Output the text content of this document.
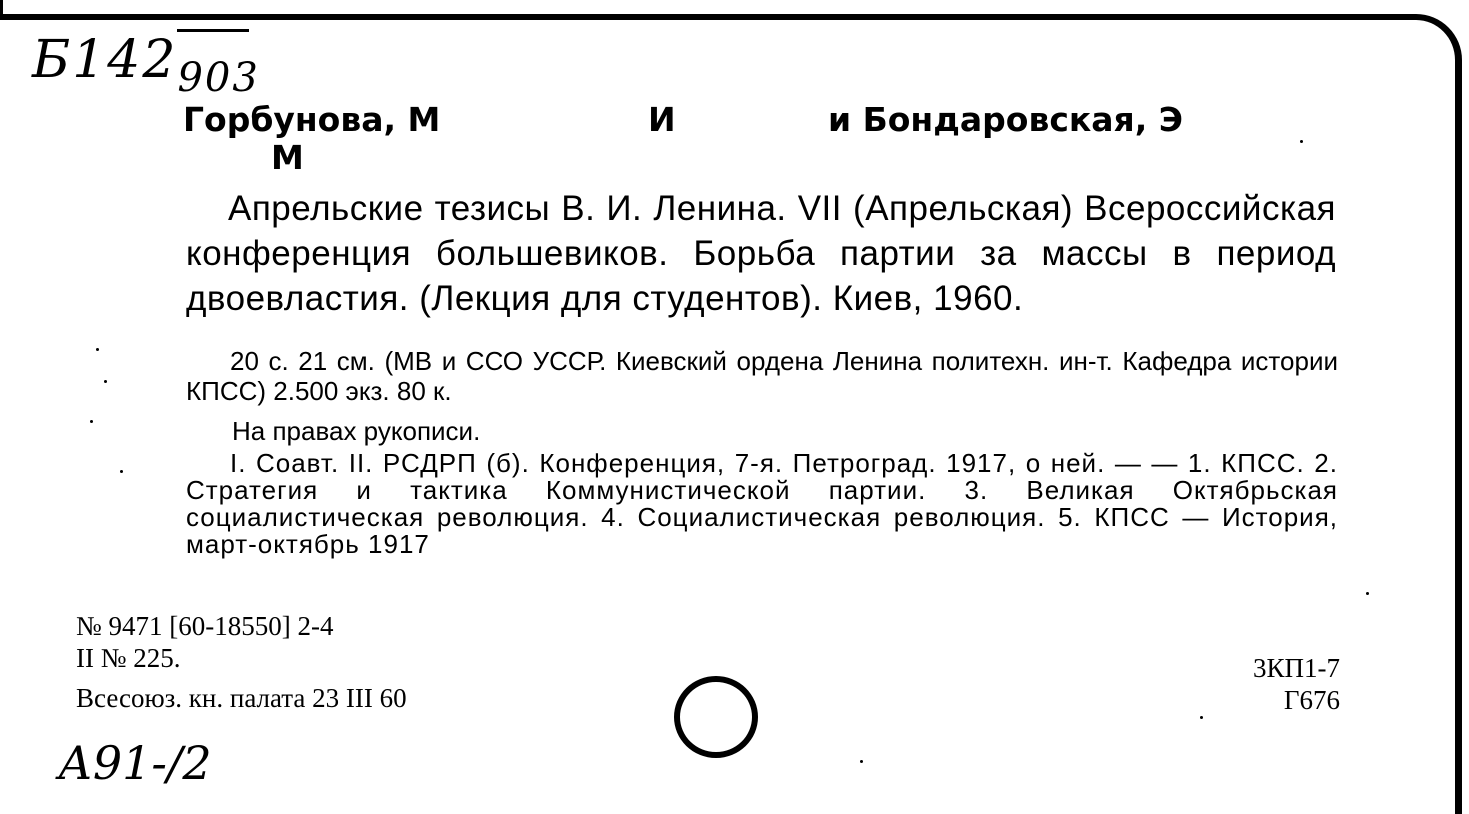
Б142
903
Горбунова, М	И	и Бондаровская, Э
М
Апрельские тезисы В. И. Ленина. VII (Апрельская) Всероссийская конференция большевиков. Борьба партии за массы в период двоевластия. (Лекция для студентов). Киев, 1960.
20 с. 21 см. (МВ и ССО УССР. Киевский ордена Ленина политехн. ин-т. Кафедра истории КПСС) 2.500 экз. 80 к.
На правах рукописи.
I. Соавт. II. РСДРП (б). Конференция, 7-я. Петроград. 1917, о ней. — — 1. КПСС. 2. Стратегия и тактика Коммунистической партии. 3. Великая Октябрьская социалистическая революция. 4. Социалистическая революция. 5. КПСС — История, март-октябрь 1917
№ 9471 [60-18550] 2-4
II № 225.
Всесоюз. кн. палата 23 III 60
3КП1-7
Г676
А91-/2
